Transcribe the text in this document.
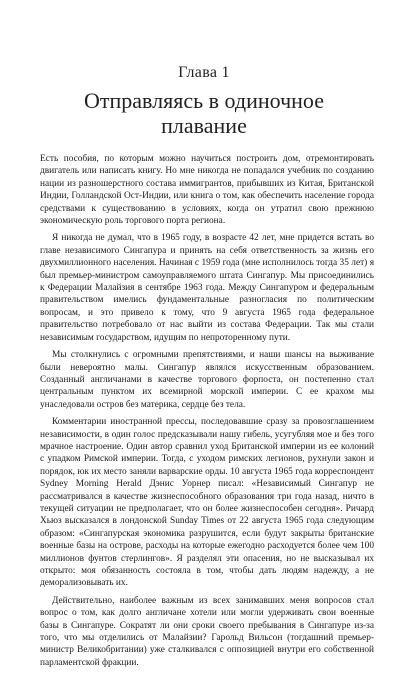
Глава 1
Отправляясь в одиночное
плавание

Есть пособия, по которым можно научиться построить дом, отремонтировать двигатель или написать книгу. Но мне никогда не попадался учебник по созданию нации из разношерстного состава иммигрантов, прибывших из Китая, Британской Индии, Голландской Ост-Индии, или книга о том, как обеспечить население города средствами к существованию в условиях, когда он утратил свою прежнюю экономическую роль торгового порта региона.

Я никогда не думал, что в 1965 году, в возрасте 42 лет, мне придется встать во главе независимого Сингапура и принять на себя ответственность за жизнь его двухмиллионного населения. Начиная с 1959 года (мне исполнилось тогда 35 лет) я был премьер-министром самоуправляемого штата Сингапур. Мы присоединились к Федерации Малайзия в сентябре 1963 года. Между Сингапуром и федеральным правительством имелись фундаментальные разногласия по политическим вопросам, и это привело к тому, что 9 августа 1965 года федеральное правительство потребовало от нас выйти из состава Федерации. Так мы стали независимым государством, идущим по непроторенному пути.

Мы столкнулись с огромными препятствиями, и наши шансы на выживание были невероятно малы. Сингапур являлся искусственным образованием. Созданный англичанами в качестве торгового форпоста, он постепенно стал центральным пунктом их всемирной морской империи. С ее крахом мы унаследовали остров без материка, сердце без тела.

Комментарии иностранной прессы, последовавшие сразу за провозглашением независимости, в один голос предсказывали нашу гибель, усугубляя мое и без того мрачное настроение. Один автор сравнил уход Британской империи из ее колоний с упадком Римской империи. Тогда, с уходом римских легионов, рухнули закон и порядок, юк их место заняли варварские орды. 10 августа 1965 года корреспондент Sydney Morning Herald Дэнис Уорнер писал: «Независимый Сингапур не рассматривался в качестве жизнеспособного образования три года назад, ничто в текущей ситуации не предполагает, что он более жизнеспособен сегодня». Ричард Хьюз высказался в лондонской Sunday Times от 22 августа 1965 года следующим образом: «Сингапурская экономика разрушится, если будут закрыты британские военные базы на острове, расходы на которые ежегодно расходуется более чем 100 миллионов фунтов стерлингов». Я разделял эти опасения, но не высказывал их открыто: моя обязанность состояла в том, чтобы дать людям надежду, а не деморализовывать их.

Действительно, наиболее важным из всех занимавших меня вопросов стал вопрос о том, как долго англичане хотели или могли удерживать свои военные базы в Сингапуре. Сократят ли они сроки своего пребывания в Сингапуре из-за того, что мы отделились от Малайзии? Гарольд Вильсон (тогдашний премьер-министр Великобритании) уже сталкивался с оппозицией внутри его собственной парламентской фракции.
